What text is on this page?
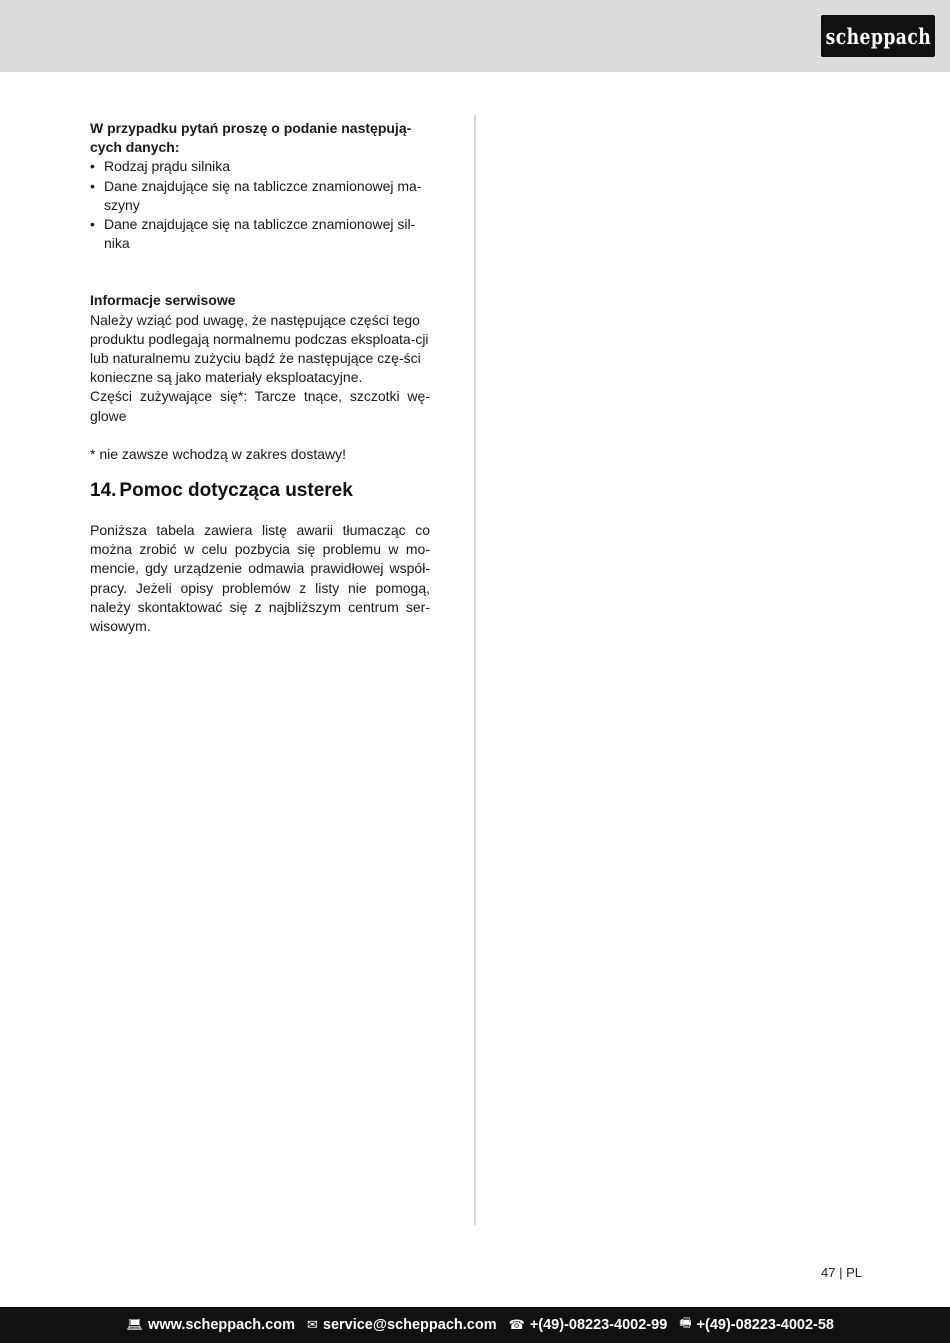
scheppach

W przypadku pytań proszę o podanie następują-cych danych:

• Rodzaj prądu silnika
• Dane znajdujące się na tabliczce znamionowej ma-szyny
• Dane znajdujące się na tabliczce znamionowej sil-nika

Informacje serwisowe

Należy wziąć pod uwagę, że następujące części tego produktu podlegają normalnemu podczas eksploata-cji lub naturalnemu zużyciu bądź że następujące czę-ści konieczne są jako materiały eksploatacyjne.

Części zużywające się*: Tarcze tnące, szczotki wę-glowe

* nie zawsze wchodzą w zakres dostawy!

14. Pomoc dotycząca usterek

Poniższa tabela zawiera listę awarii tłumacząc co można zrobić w celu pozbycia się problemu w mo-mencie, gdy urządzenie odmawia prawidłowej współ-pracy. Jeżeli opisy problemów z listy nie pomogą, należy skontaktować się z najbliższym centrum ser-wisowym.

47 | PL
💻︎ www.scheppach.com ✉︎ service@scheppach.com ☎︎ +(49)-08223-4002-99 🖷︎ +(49)-08223-4002-58
